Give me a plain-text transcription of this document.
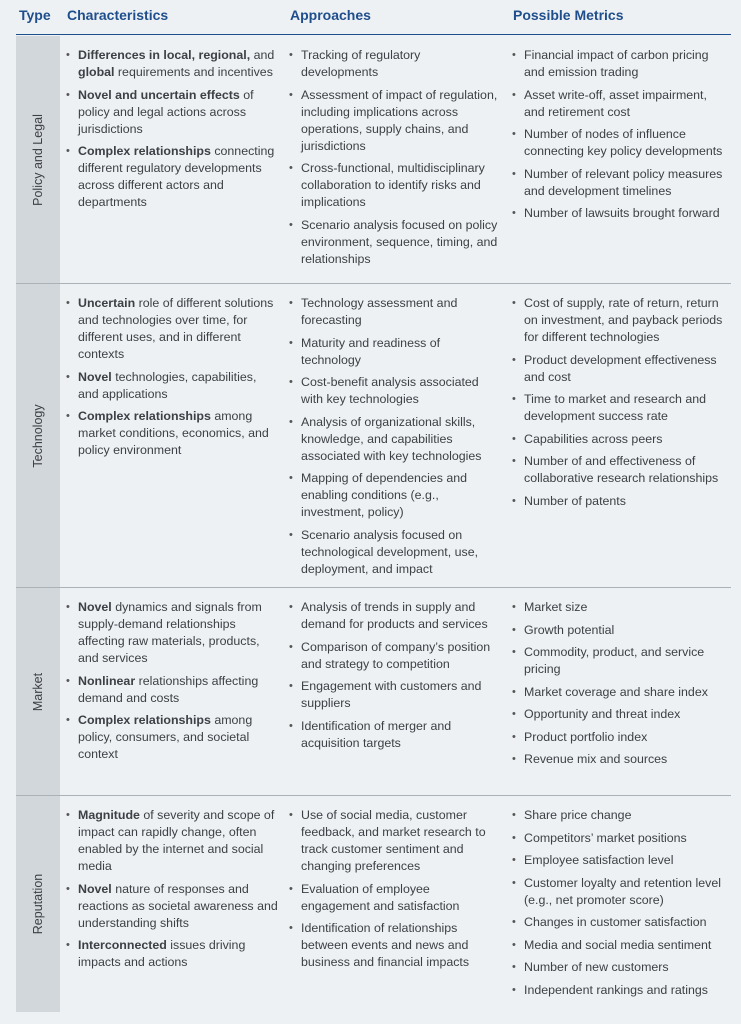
Type Characteristics	Approaches	Possible Metrics
Policy and Legal
• Differences in local, regional, and global requirements and incentives
• Novel and uncertain effects of policy and legal actions across jurisdictions
• Complex relationships connecting different regulatory developments across different actors and departments
• Tracking of regulatory developments
• Assessment of impact of regulation, including implications across operations, supply chains, and jurisdictions
• Cross-functional, multidisciplinary collaboration to identify risks and implications
• Scenario analysis focused on policy environment, sequence, timing, and relationships
• Financial impact of carbon pricing and emission trading
• Asset write-off, asset impairment, and retirement cost
• Number of nodes of influence connecting key policy developments
• Number of relevant policy measures and development timelines
• Number of lawsuits brought forward
Technology
• Uncertain role of different solutions and technologies over time, for different uses, and in different contexts
• Novel technologies, capabilities, and applications
• Complex relationships among market conditions, economics, and policy environment
• Technology assessment and forecasting
• Maturity and readiness of technology
• Cost-benefit analysis associated with key technologies
• Analysis of organizational skills, knowledge, and capabilities associated with key technologies
• Mapping of dependencies and enabling conditions (e.g., investment, policy)
• Scenario analysis focused on technological development, use, deployment, and impact
• Cost of supply, rate of return, return on investment, and payback periods for different technologies
• Product development effectiveness and cost
• Time to market and research and development success rate
• Capabilities across peers
• Number of and effectiveness of collaborative research relationships
• Number of patents
Market
• Novel dynamics and signals from supply-demand relationships affecting raw materials, products, and services
• Nonlinear relationships affecting demand and costs
• Complex relationships among policy, consumers, and societal context
• Analysis of trends in supply and demand for products and services
• Comparison of company’s position and strategy to competition
• Engagement with customers and suppliers
• Identification of merger and acquisition targets
• Market size
• Growth potential
• Commodity, product, and service pricing
• Market coverage and share index
• Opportunity and threat index
• Product portfolio index
• Revenue mix and sources
Reputation
• Magnitude of severity and scope of impact can rapidly change, often enabled by the internet and social media
• Novel nature of responses and reactions as societal awareness and understanding shifts
• Interconnected issues driving impacts and actions
• Use of social media, customer feedback, and market research to track customer sentiment and changing preferences
• Evaluation of employee engagement and satisfaction
• Identification of relationships between events and news and business and financial impacts
• Share price change
• Competitors’ market positions
• Employee satisfaction level
• Customer loyalty and retention level (e.g., net promoter score)
• Changes in customer satisfaction
• Media and social media sentiment
• Number of new customers
• Independent rankings and ratings
